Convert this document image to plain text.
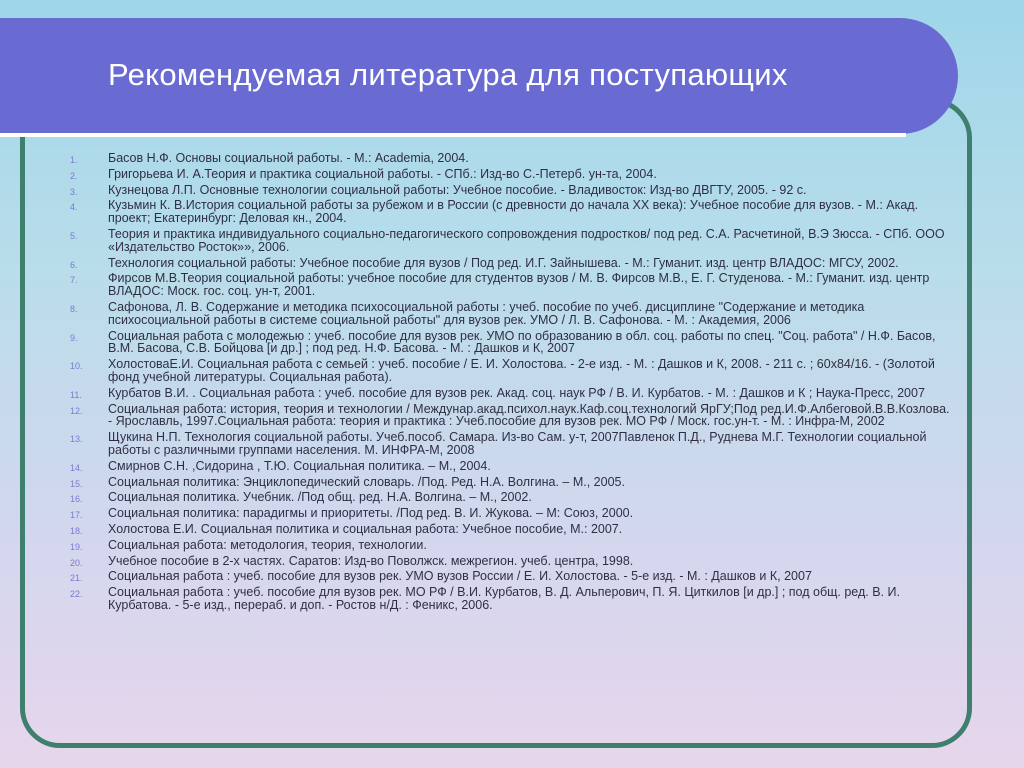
Рекомендуемая литература для поступающих
1.	Басов Н.Ф. Основы социальной работы. - М.: Academia, 2004.
2.	Григорьева И. А.Теория и практика социальной работы. - СПб.: Изд-во С.-Петерб. ун-та, 2004.
3.	Кузнецова Л.П. Основные технологии социальной работы: Учебное пособие. - Владивосток: Изд-во ДВГТУ, 2005. - 92 с.
4.	Кузьмин К. В.История социальной работы за рубежом и в России (с древности до начала XX века): Учебное пособие для вузов. - М.: Акад. проект; Екатеринбург: Деловая кн., 2004.
5.	Теория и практика индивидуального социально-педагогического сопровождения подростков/ под ред. С.А. Расчетиной, В.Э Зюсса. - СПб. ООО «Издательство Росток»», 2006.
6.	Технология социальной работы: Учебное пособие для вузов / Под ред. И.Г. Зайнышева. - М.: Гуманит. изд. центр ВЛАДОС: МГСУ, 2002.
7.	Фирсов М.В.Теория социальной работы: учебное пособие для студентов вузов / М. В. Фирсов М.В., Е. Г. Студенова. - М.: Гуманит. изд. центр ВЛАДОС: Моск. гос. соц. ун-т, 2001.
8.	Сафонова, Л. В. Содержание и методика психосоциальной работы : учеб. пособие по учеб. дисциплине "Содержание и методика психосоциальной работы в системе социальной работы" для вузов рек. УМО / Л. В. Сафонова. - М. : Академия, 2006
9.	Социальная работа с молодежью : учеб. пособие для вузов рек. УМО по образованию в обл. соц. работы по спец. "Соц. работа" / Н.Ф. Басов, В.М. Басова, С.В. Бойцова [и др.] ; под ред. Н.Ф. Басова. - М. : Дашков и К, 2007
10.	ХолостоваЕ.И. Социальная работа с семьей : учеб. пособие / Е. И. Холостова. - 2-е изд. - М. : Дашков и К, 2008. - 211 с. ; 60х84/16. - (Золотой фонд учебной литературы. Социальная работа).
11.	Курбатов В.И. . Социальная работа : учеб. пособие для вузов рек. Акад. соц. наук РФ / В. И. Курбатов. - М. : Дашков и К ; Наука-Пресс, 2007
12.	Социальная работа: история, теория и технологии / Междунар.акад.психол.наук.Каф.соц.технологий ЯрГУ;Под ред.И.Ф.Албеговой.В.В.Козлова. - Ярославль, 1997.Социальная работа: теория и практика : Учеб.пособие для вузов рек. МО РФ / Моск. гос.ун-т. - М. : Инфра-М, 2002
13.	Щукина Н.П. Технология социальной работы. Учеб.пособ. Самара. Из-во Сам. у-т, 2007Павленок П.Д., Руднева М.Г. Технологии социальной работы с различными группами населения. М. ИНФРА-М, 2008
14.	Смирнов С.Н. ,Сидорина , Т.Ю. Социальная политика. – М., 2004.
15.	Социальная политика: Энциклопедический словарь. /Под. Ред. Н.А. Волгина. – М., 2005.
16.	Социальная политика. Учебник. /Под общ. ред. Н.А. Волгина. – М., 2002.
17.	Социальная политика: парадигмы и приоритеты. /Под ред. В. И. Жукова. – М: Союз, 2000.
18.	Холостова Е.И. Социальная политика и социальная работа: Учебное пособие, М.: 2007.
19.	Социальная работа: методология, теория, технологии.
20.	Учебное пособие в 2-х частях. Саратов: Изд-во Поволжск. межрегион. учеб. центра, 1998.
21.	Социальная работа : учеб. пособие для вузов рек. УМО вузов России / Е. И. Холостова. - 5-е изд. - М. : Дашков и К, 2007
22.	Социальная работа : учеб. пособие для вузов рек. МО РФ / В.И. Курбатов, В. Д. Альперович, П. Я. Циткилов [и др.] ; под общ. ред. В. И. Курбатова. - 5-е изд., перераб. и доп. - Ростов н/Д. : Феникс, 2006.
